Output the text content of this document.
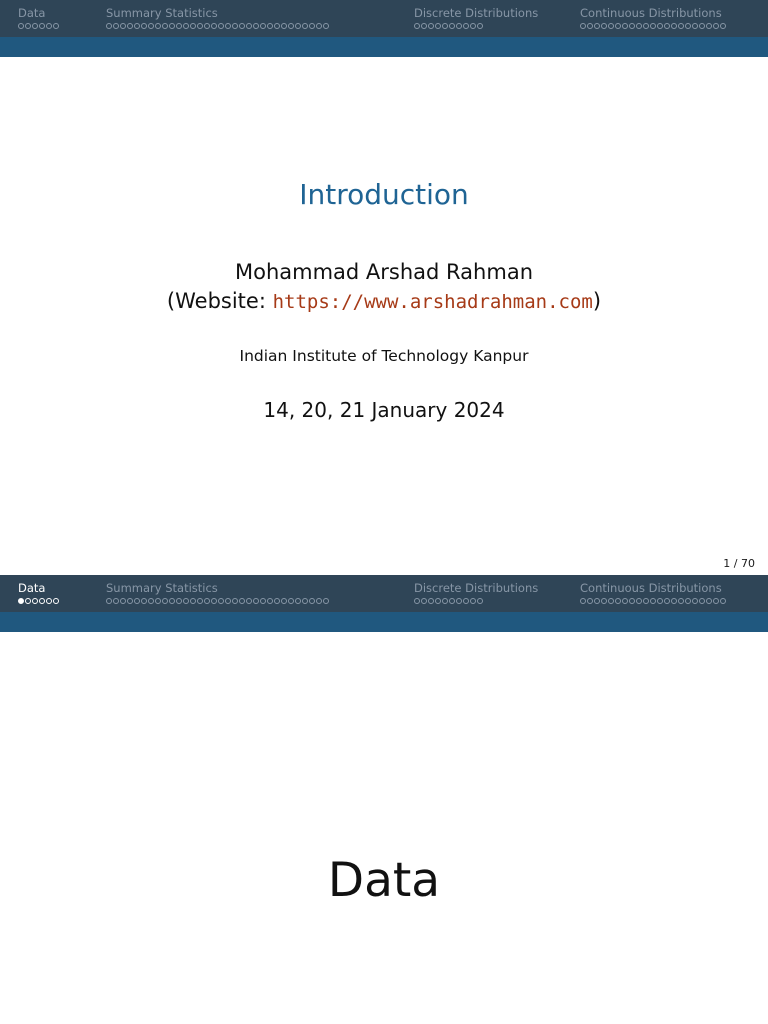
Data	Summary Statistics	Discrete Distributions	Continuous Distributions
Introduction
Mohammad Arshad Rahman
(Website: https://www.arshadrahman.com)
Indian Institute of Technology Kanpur
14, 20, 21 January 2024
1 / 70
Data	Summary Statistics	Discrete Distributions	Continuous Distributions
Data
